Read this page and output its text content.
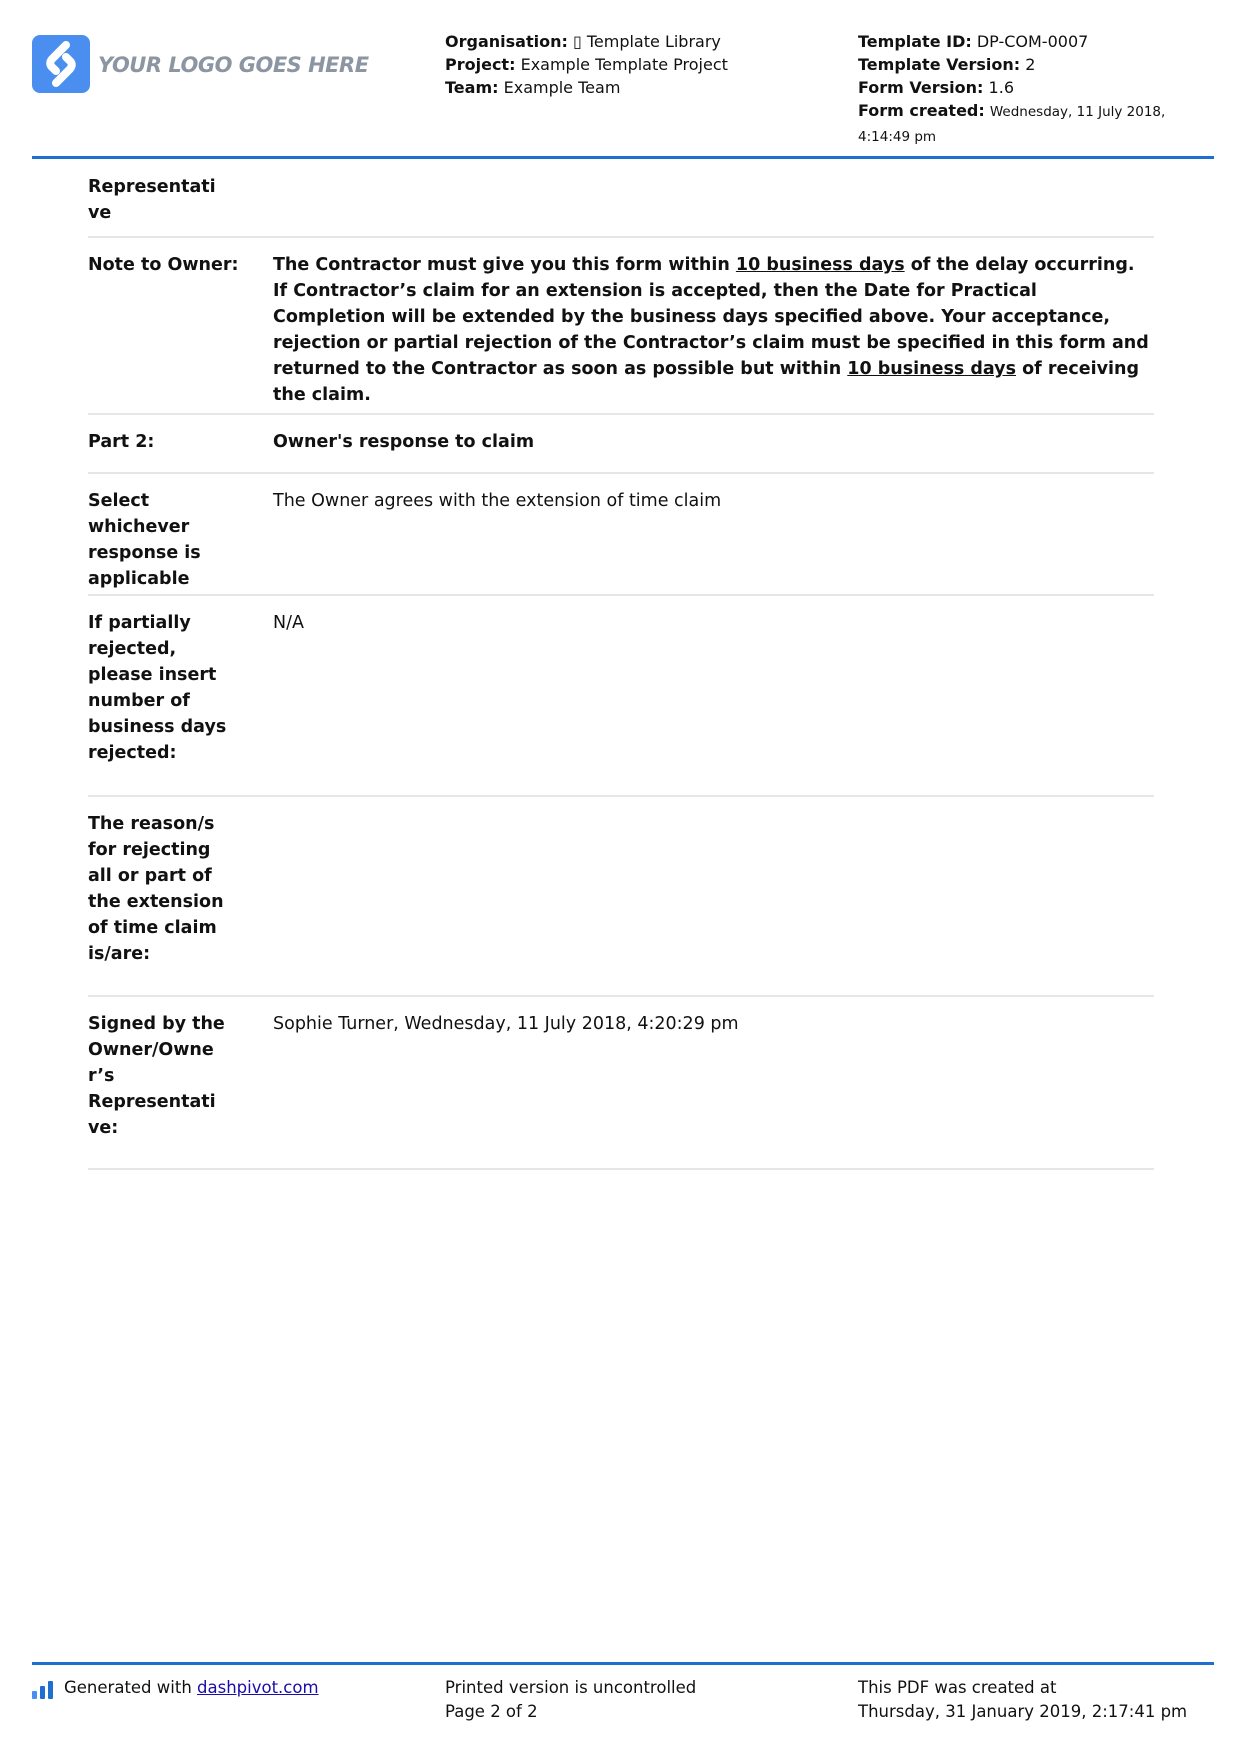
YOUR LOGO GOES HERE
Organisation: ▯ Template Library
Project: Example Template Project
Team: Example Team
Template ID: DP-COM-0007
Template Version: 2
Form Version: 1.6
Form created: Wednesday, 11 July 2018,
4:14:49 pm
Representati
ve
Note to Owner: The Contractor must give you this form within 10 business days of the delay occurring. If Contractor’s claim for an extension is accepted, then the Date for Practical Completion will be extended by the business days specified above. Your acceptance, rejection or partial rejection of the Contractor’s claim must be specified in this form and returned to the Contractor as soon as possible but within 10 business days of receiving the claim.
Part 2:	Owner's response to claim
Select whichever response is applicable
The Owner agrees with the extension of time claim
If partially rejected, please insert number of business days rejected:
N/A
The reason/s for rejecting all or part of the extension of time claim is/are:
Signed by the Owner/Owne
r’s Representati
ve:
Sophie Turner, Wednesday, 11 July 2018, 4:20:29 pm
Generated with dashpivot.com	Printed version is uncontrolled
Page 2 of 2
This PDF was created at
Thursday, 31 January 2019, 2:17:41 pm
